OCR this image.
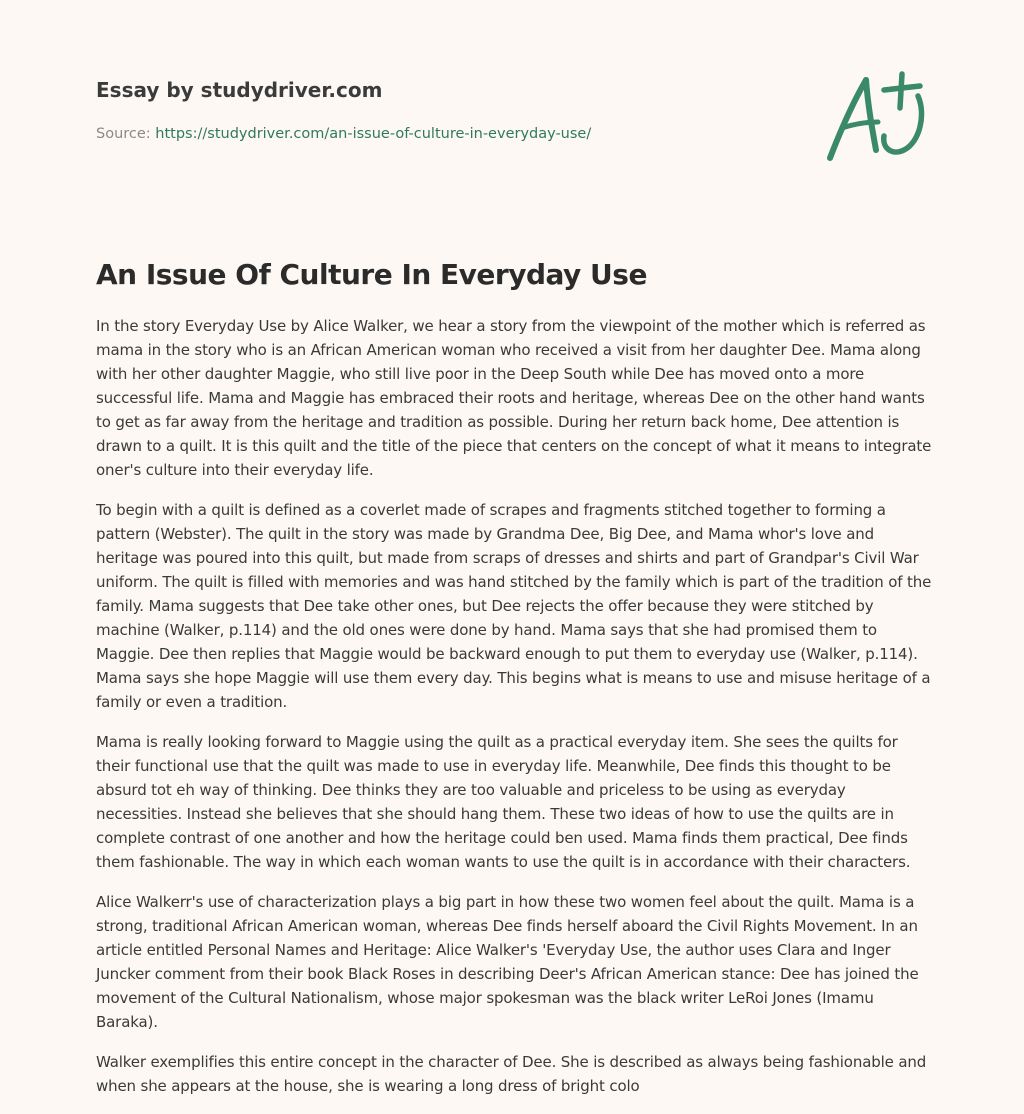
Essay by studydriver.com
Source: https://studydriver.com/an-issue-of-culture-in-everyday-use/
An Issue Of Culture In Everyday Use

In the story Everyday Use by Alice Walker, we hear a story from the viewpoint of the mother which is referred as mama in the story who is an African American woman who received a visit from her daughter Dee. Mama along with her other daughter Maggie, who still live poor in the Deep South while Dee has moved onto a more successful life. Mama and Maggie has embraced their roots and heritage, whereas Dee on the other hand wants to get as far away from the heritage and tradition as possible. During her return back home, Dee attention is drawn to a quilt. It is this quilt and the title of the piece that centers on the concept of what it means to integrate oner's culture into their everyday life.

To begin with a quilt is defined as a coverlet made of scrapes and fragments stitched together to forming a pattern (Webster). The quilt in the story was made by Grandma Dee, Big Dee, and Mama whor's love and heritage was poured into this quilt, but made from scraps of dresses and shirts and part of Grandpar's Civil War uniform. The quilt is filled with memories and was hand stitched by the family which is part of the tradition of the family. Mama suggests that Dee take other ones, but Dee rejects the offer because they were stitched by machine (Walker, p.114) and the old ones were done by hand. Mama says that she had promised them to Maggie. Dee then replies that Maggie would be backward enough to put them to everyday use (Walker, p.114). Mama says she hope Maggie will use them every day. This begins what is means to use and misuse heritage of a family or even a tradition.

Mama is really looking forward to Maggie using the quilt as a practical everyday item. She sees the quilts for their functional use that the quilt was made to use in everyday life. Meanwhile, Dee finds this thought to be absurd tot eh way of thinking. Dee thinks they are too valuable and priceless to be using as everyday necessities. Instead she believes that she should hang them. These two ideas of how to use the quilts are in complete contrast of one another and how the heritage could ben used. Mama finds them practical, Dee finds them fashionable. The way in which each woman wants to use the quilt is in accordance with their characters.

Alice Walkerr's use of characterization plays a big part in how these two women feel about the quilt. Mama is a strong, traditional African American woman, whereas Dee finds herself aboard the Civil Rights Movement. In an article entitled Personal Names and Heritage: Alice Walker's 'Everyday Use, the author uses Clara and Inger Juncker comment from their book Black Roses in describing Deer's African American stance: Dee has joined the movement of the Cultural Nationalism, whose major spokesman was the black writer LeRoi Jones (Imamu Baraka).

Walker exemplifies this entire concept in the character of Dee. She is described as always being fashionable and when she appears at the house, she is wearing a long dress of bright colo
